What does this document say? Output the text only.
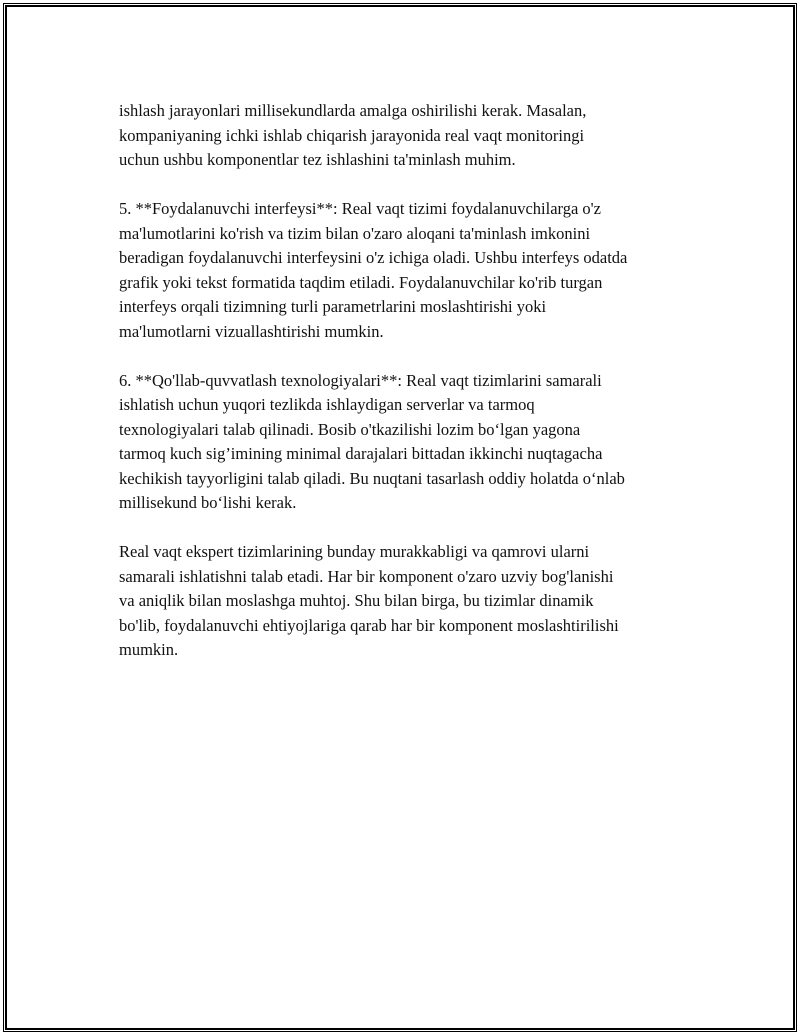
ishlash jarayonlari millisekundlarda amalga oshirilishi kerak. Masalan,
kompaniyaning ichki ishlab chiqarish jarayonida real vaqt monitoringi
uchun ushbu komponentlar tez ishlashini ta'minlash muhim.

5. **Foydalanuvchi interfeysi**: Real vaqt tizimi foydalanuvchilarga o'z
ma'lumotlarini ko'rish va tizim bilan o'zaro aloqani ta'minlash imkonini
beradigan foydalanuvchi interfeysini o'z ichiga oladi. Ushbu interfeys odatda
grafik yoki tekst formatida taqdim etiladi. Foydalanuvchilar ko'rib turgan
interfeys orqali tizimning turli parametrlarini moslashtirishi yoki
ma'lumotlarni vizuallashtirishi mumkin.

6. **Qo'llab-quvvatlash texnologiyalari**: Real vaqt tizimlarini samarali
ishlatish uchun yuqori tezlikda ishlaydigan serverlar va tarmoq
texnologiyalari talab qilinadi. Bosib o'tkazilishi lozim boʻlgan yagona
tarmoq kuch sig’imining minimal darajalari bittadan ikkinchi nuqtagacha
kechikish tayyorligini talab qiladi. Bu nuqtani tasarlash oddiy holatda oʻnlab
millisekund boʻlishi kerak.

Real vaqt ekspert tizimlarining bunday murakkabligi va qamrovi ularni
samarali ishlatishni talab etadi. Har bir komponent o'zaro uzviy bog'lanishi
va aniqlik bilan moslashga muhtoj. Shu bilan birga, bu tizimlar dinamik
bo'lib, foydalanuvchi ehtiyojlariga qarab har bir komponent moslashtirilishi
mumkin.
